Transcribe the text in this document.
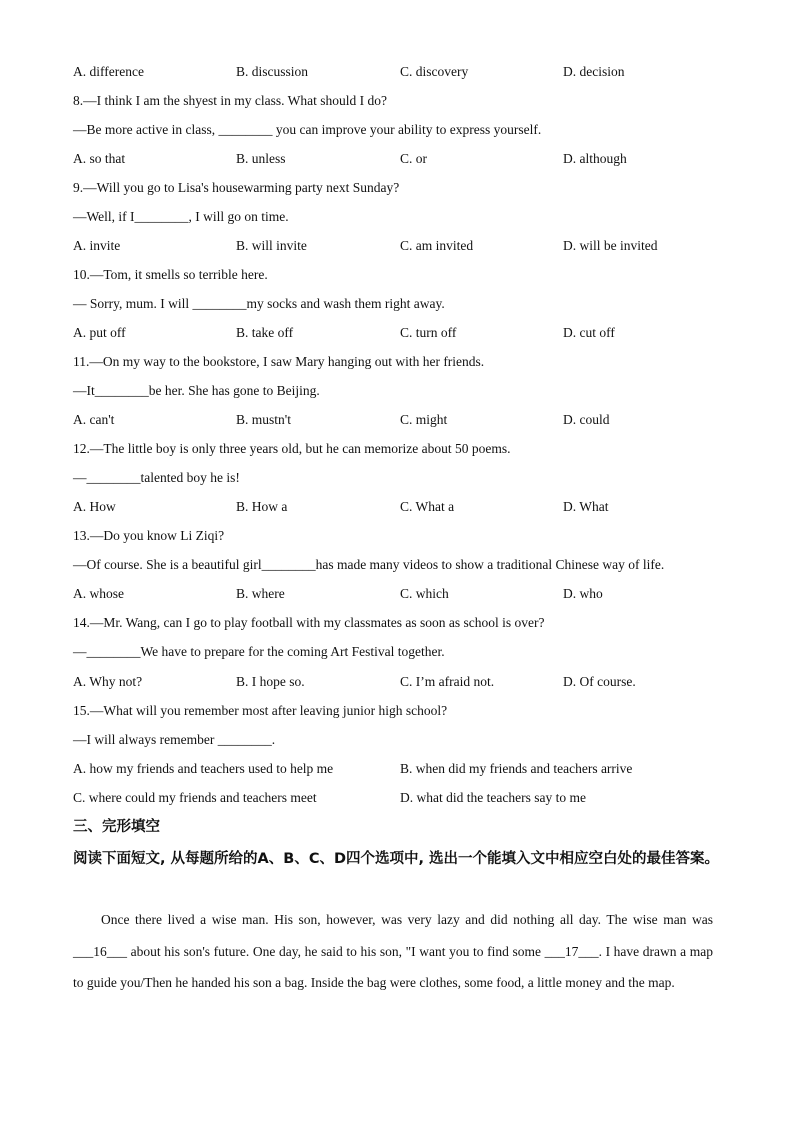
A. difference	B. discussion	C. discovery	D. decision
8.—I think I am the shyest in my class. What should I do?
—Be more active in class, ________ you can improve your ability to express yourself.
A. so that	B. unless	C. or	D. although
9.—Will you go to Lisa's housewarming party next Sunday?
—Well, if I________, I will go on time.
A. invite	B. will invite	C. am invited	D. will be invited
10.—Tom, it smells so terrible here.
— Sorry, mum. I will ________my socks and wash them right away.
A. put off	B. take off	C. turn off	D. cut off
11.—On my way to the bookstore, I saw Mary hanging out with her friends.
—It________be her. She has gone to Beijing.
A. can't	B. mustn't	C. might	D. could
12.—The little boy is only three years old, but he can memorize about 50 poems.
—________talented boy he is!
A. How	B. How a	C. What a	D. What
13.—Do you know Li Ziqi?
—Of course. She is a beautiful girl________has made many videos to show a traditional Chinese way of life.
A. whose	B. where	C. which	D. who
14.—Mr. Wang, can I go to play football with my classmates as soon as school is over?
—________We have to prepare for the coming Art Festival together.
A. Why not?	B. I hope so.	C. I’m afraid not.	D. Of course.
15.—What will you remember most after leaving junior high school?
—I will always remember ________.
A. how my friends and teachers used to help me	B. when did my friends and teachers arrive
C. where could my friends and teachers meet	D. what did the teachers say to me
三、完形填空
阅读下面短文, 从每题所给的A、B、C、D四个选项中, 选出一个能填入文中相应空白处的最佳答案。

Once there lived a wise man. His son, however, was very lazy and did nothing all day. The wise man was ___16___ about his son's future. One day, he said to his son, "I want you to find some ___17___. I have drawn a map to guide you/Then he handed his son a bag. Inside the bag were clothes, some food, a little money and the map.
